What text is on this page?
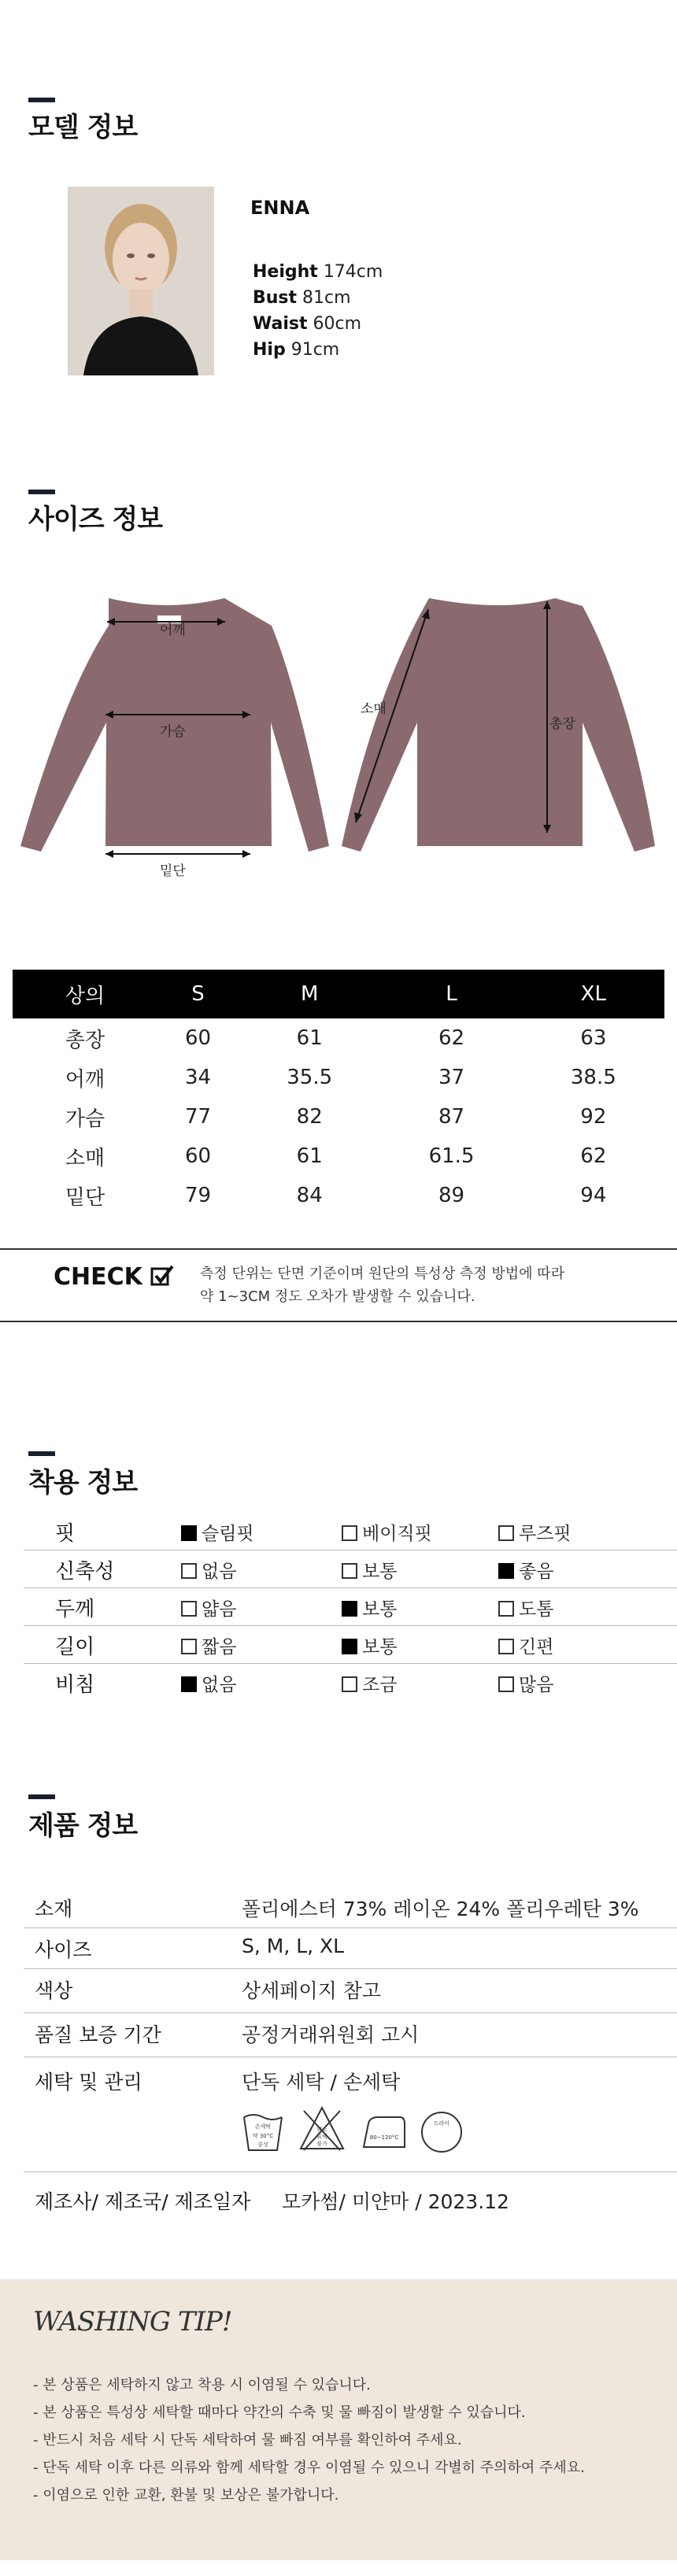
모델 정보
ENNA
Height 174cm
Bust 81cm
Waist 60cm
Hip 91cm
사이즈 정보
어깨
가슴
밑단
소매
총장
상의	S	M	L	XL
총장	60	61	62	63
어깨	34	35.5	37	38.5
가슴	77	82	87	92
소매	60	61	61.5	62
밑단	79	84	89	94
CHECK	측정 단위는 단면 기준이며 원단의 특성상 측정 방법에 따라
약 1~3CM 정도 오차가 발생할 수 있습니다.
착용 정보
핏	슬림핏	베이직핏	루즈핏
신축성	없음	보통	좋음
두께	얇음	보통	도톰
길이	짧음	보통	긴편
비침	없음	조금	많음
제품 정보
소재	폴리에스터 73% 레이온 24% 폴리우레탄 3%
사이즈	S, M, L, XL
색상	상세페이지 참고
품질 보증 기간	공정거래위원회 고시
세탁 및 관리	단독 세탁 / 손세탁
손세탁
약 30°C
중성
염소
표백
불가
80~120°C
드라이
제조사/ 제조국/ 제조일자 모카썸/ 미얀마 / 2023.12
WASHING TIP!
- 본 상품은 세탁하지 않고 착용 시 이염될 수 있습니다.
- 본 상품은 특성상 세탁할 때마다 약간의 수축 및 물 빠짐이 발생할 수 있습니다.
- 반드시 처음 세탁 시 단독 세탁하여 물 빠짐 여부를 확인하여 주세요.
- 단독 세탁 이후 다른 의류와 함께 세탁할 경우 이염될 수 있으니 각별히 주의하여 주세요.
- 이염으로 인한 교환, 환불 및 보상은 불가합니다.
